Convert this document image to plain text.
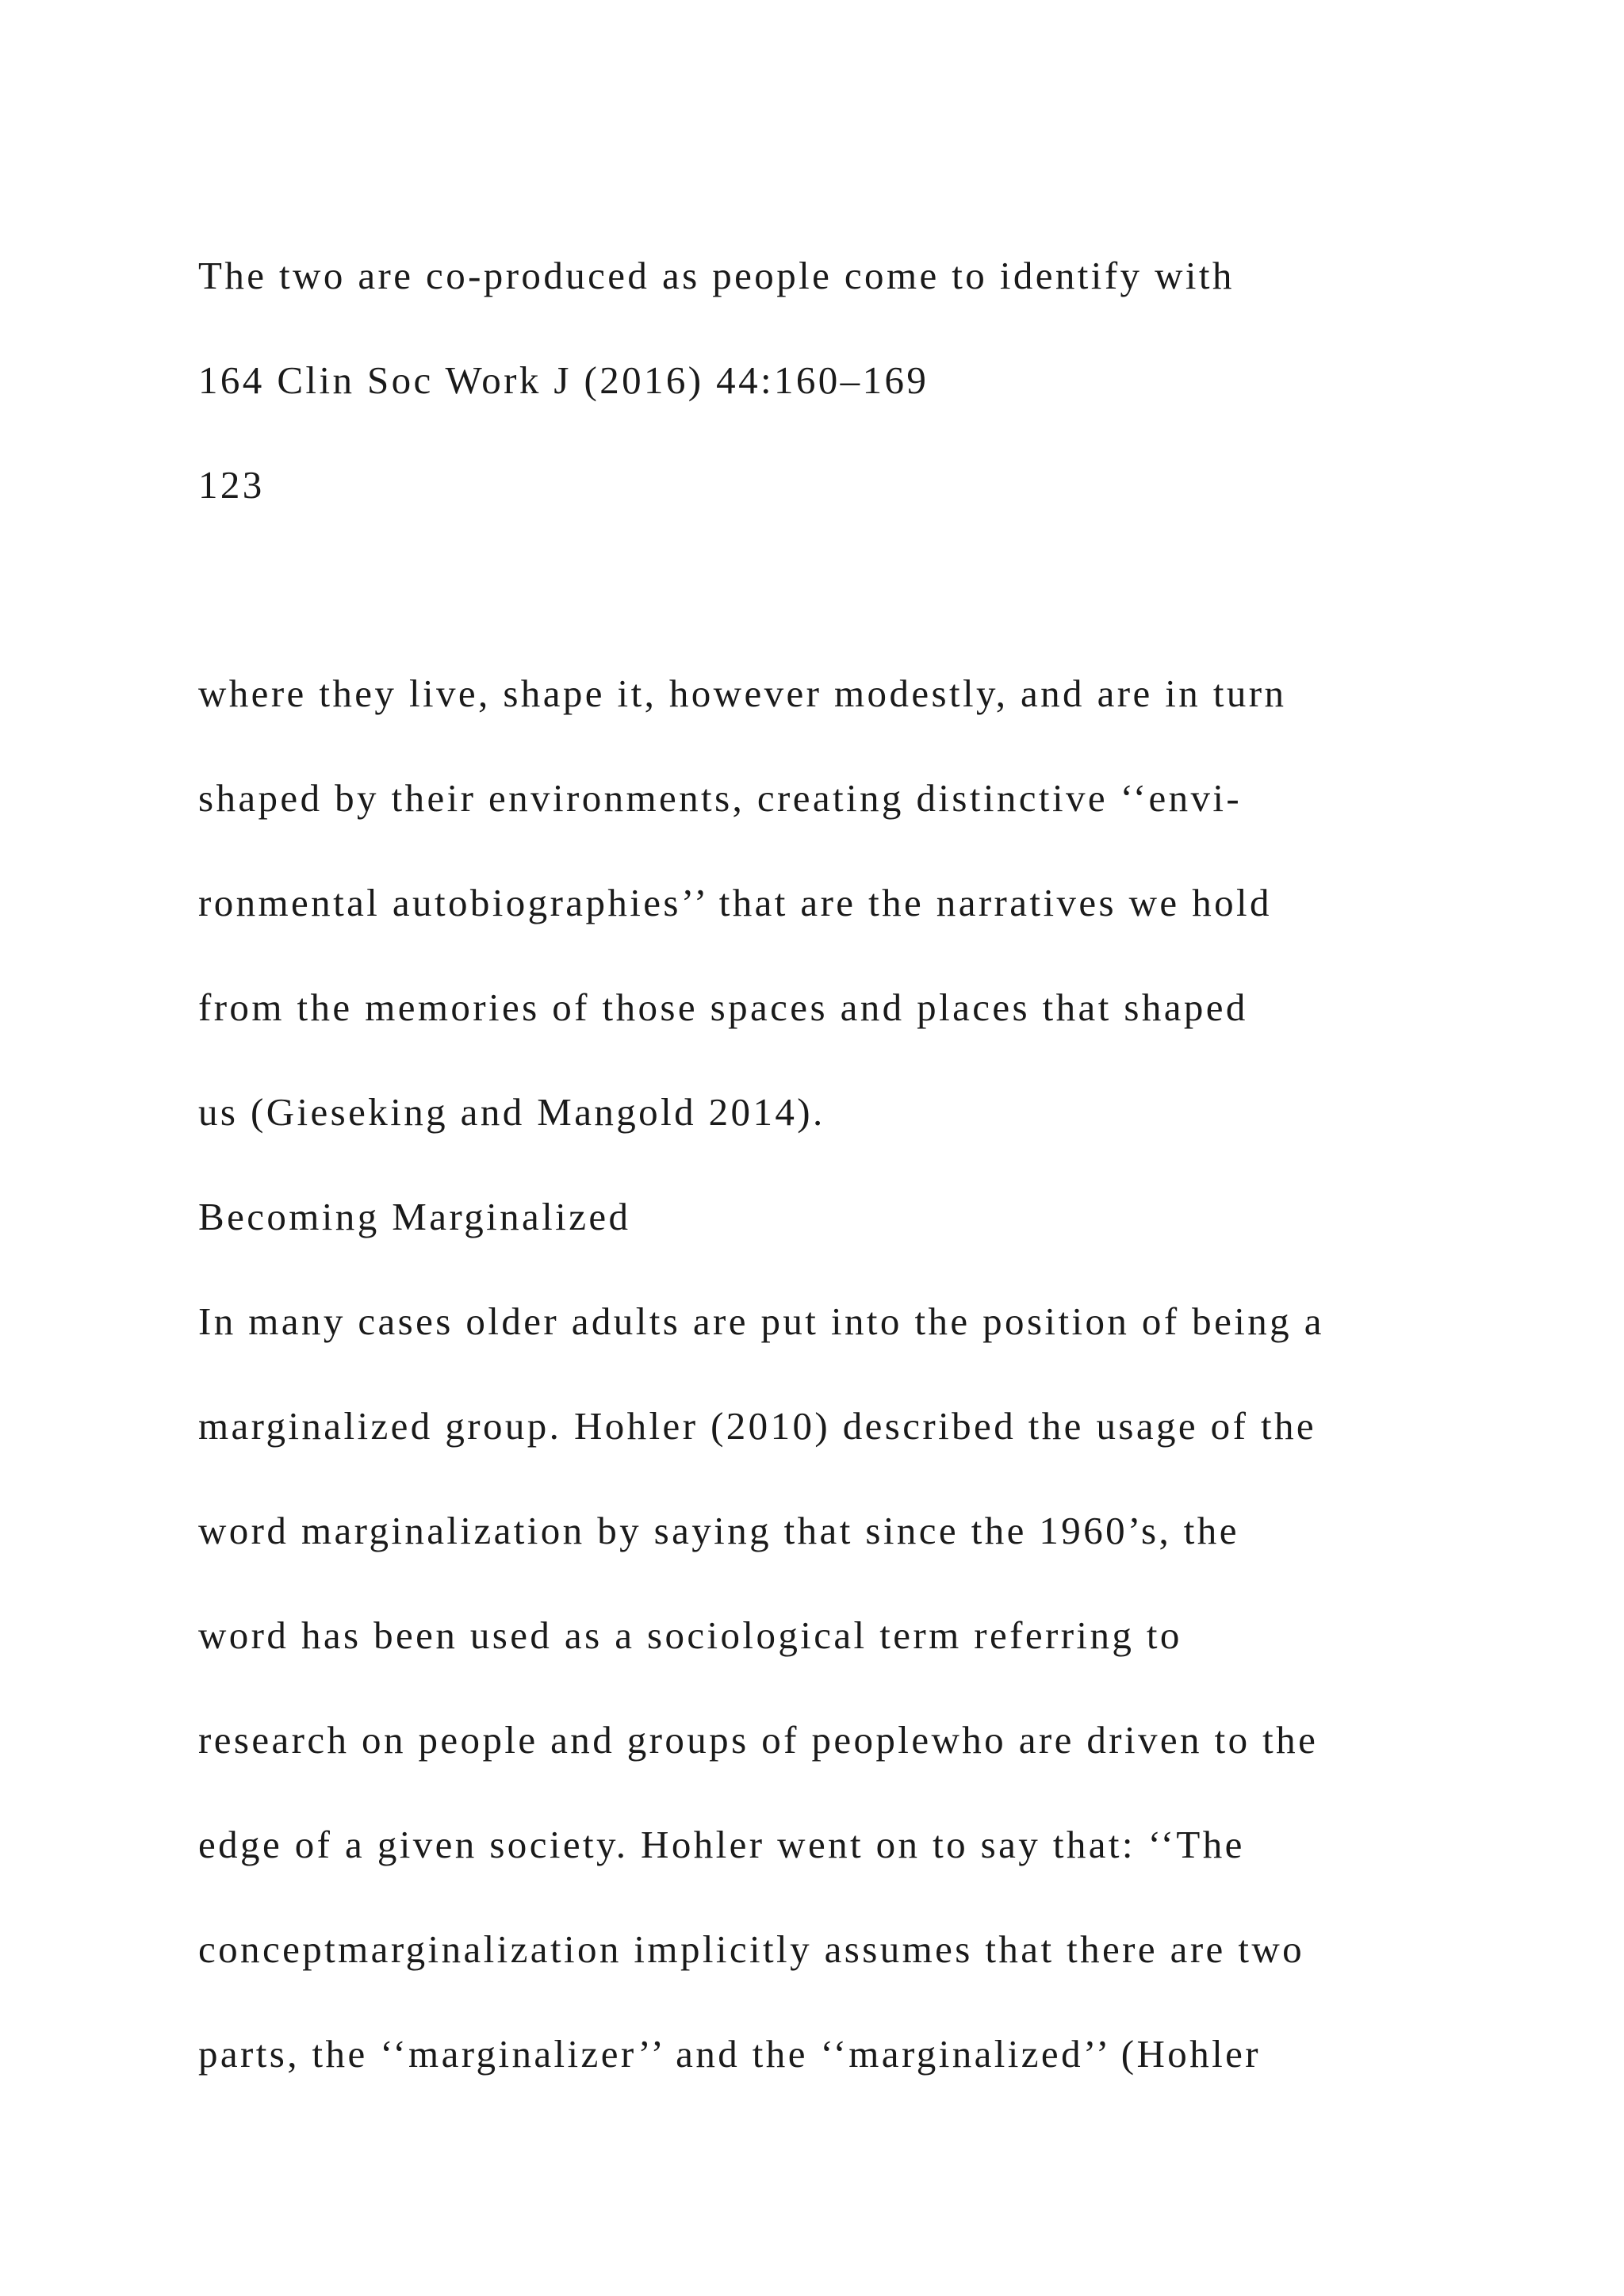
The two are co-produced as people come to identify with
164 Clin Soc Work J (2016) 44:160–169
123
where they live, shape it, however modestly, and are in turn
shaped by their environments, creating distinctive ‘‘envi-
ronmental autobiographies’’ that are the narratives we hold
from the memories of those spaces and places that shaped
us (Gieseking and Mangold 2014).
Becoming Marginalized
In many cases older adults are put into the position of being a
marginalized group. Hohler (2010) described the usage of the
word marginalization by saying that since the 1960’s, the
word has been used as a sociological term referring to
research on people and groups of peoplewho are driven to the
edge of a given society. Hohler went on to say that: ‘‘The
conceptmarginalization implicitly assumes that there are two
parts, the ‘‘marginalizer’’ and the ‘‘marginalized’’ (Hohler
